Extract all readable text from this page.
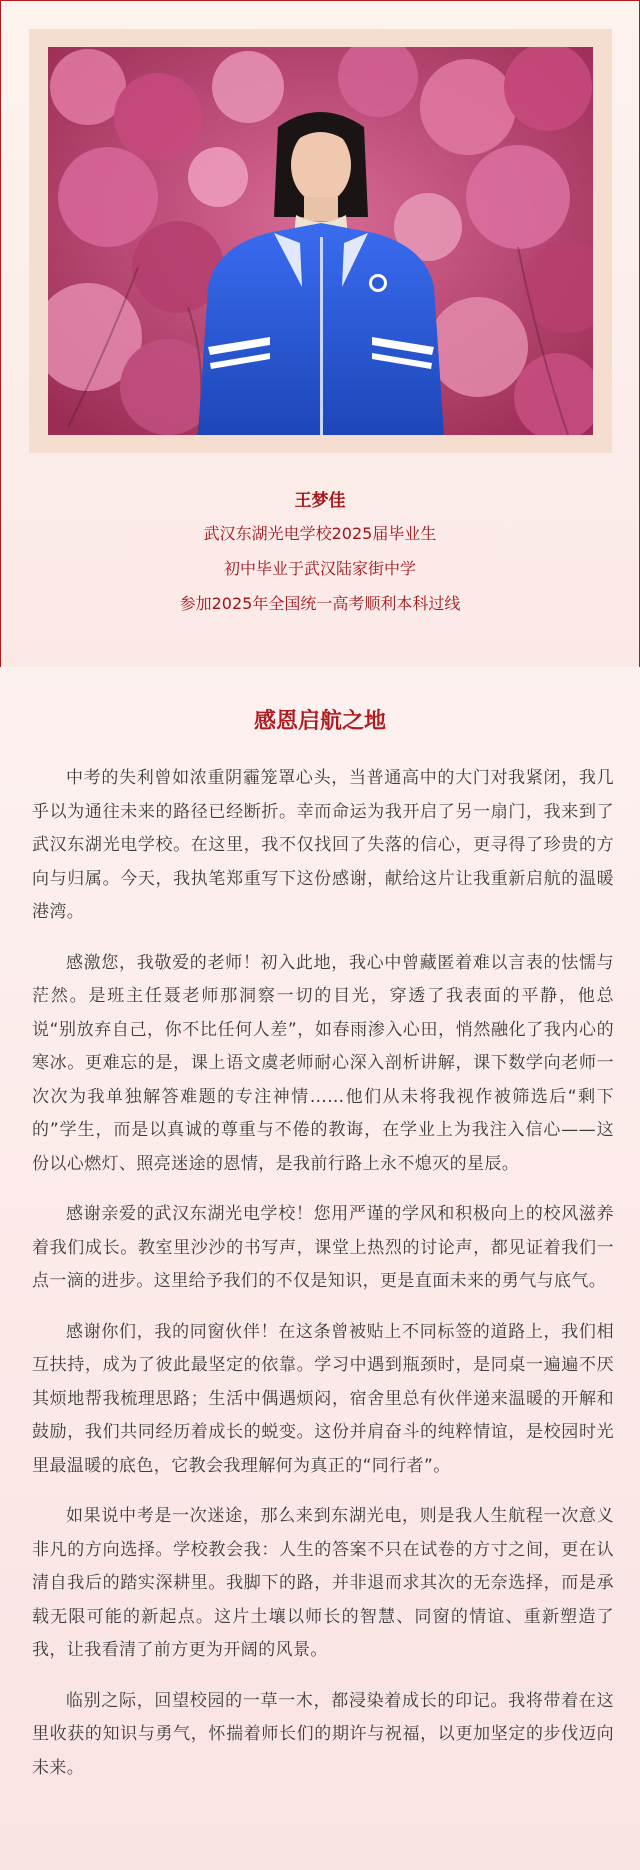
王梦佳
武汉东湖光电学校2025届毕业生
初中毕业于武汉陆家街中学
参加2025年全国统一高考顺利本科过线
感恩启航之地

中考的失利曾如浓重阴霾笼罩心头，当普通高中的大门对我紧闭，我几乎以为通往未来的路径已经断折。幸而命运为我开启了另一扇门，我来到了武汉东湖光电学校。在这里，我不仅找回了失落的信心，更寻得了珍贵的方向与归属。今天，我执笔郑重写下这份感谢，献给这片让我重新启航的温暖港湾。

感激您，我敬爱的老师！初入此地，我心中曾藏匿着难以言表的怯懦与茫然。是班主任聂老师那洞察一切的目光，穿透了我表面的平静，他总说“别放弃自己，你不比任何人差”，如春雨渗入心田，悄然融化了我内心的寒冰。更难忘的是，课上语文虞老师耐心深入剖析讲解，课下数学向老师一次次为我单独解答难题的专注神情……他们从未将我视作被筛选后“剩下的”学生，而是以真诚的尊重与不倦的教诲，在学业上为我注入信心——这份以心燃灯、照亮迷途的恩情，是我前行路上永不熄灭的星辰。

感谢亲爱的武汉东湖光电学校！您用严谨的学风和积极向上的校风滋养着我们成长。教室里沙沙的书写声，课堂上热烈的讨论声，都见证着我们一点一滴的进步。这里给予我们的不仅是知识，更是直面未来的勇气与底气。

感谢你们，我的同窗伙伴！在这条曾被贴上不同标签的道路上，我们相互扶持，成为了彼此最坚定的依靠。学习中遇到瓶颈时，是同桌一遍遍不厌其烦地帮我梳理思路；生活中偶遇烦闷，宿舍里总有伙伴递来温暖的开解和鼓励，我们共同经历着成长的蜕变。这份并肩奋斗的纯粹情谊，是校园时光里最温暖的底色，它教会我理解何为真正的“同行者”。

如果说中考是一次迷途，那么来到东湖光电，则是我人生航程一次意义非凡的方向选择。学校教会我：人生的答案不只在试卷的方寸之间，更在认清自我后的踏实深耕里。我脚下的路，并非退而求其次的无奈选择，而是承载无限可能的新起点。这片土壤以师长的智慧、同窗的情谊、重新塑造了我，让我看清了前方更为开阔的风景。

临别之际，回望校园的一草一木，都浸染着成长的印记。我将带着在这里收获的知识与勇气，怀揣着师长们的期许与祝福，以更加坚定的步伐迈向未来。
